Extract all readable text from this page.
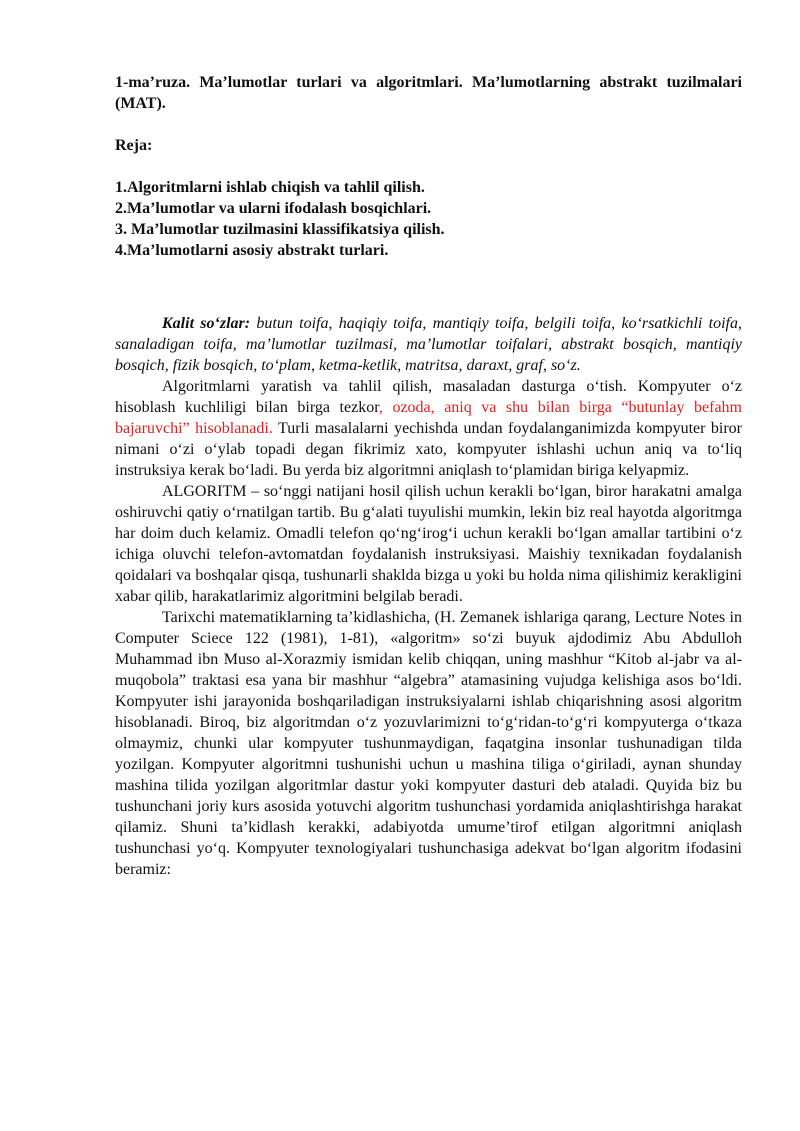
1-ma’ruza. Ma’lumotlar turlari va algoritmlari. Ma’lumotlarning abstrakt tuzilmalari (MAT).

Reja:

1.Algoritmlarni ishlab chiqish va tahlil qilish.
2.Ma’lumotlar va ularni ifodalash bosqichlari.
3. Ma’lumotlar tuzilmasini klassifikatsiya qilish.
4.Ma’lumotlarni asosiy abstrakt turlari.

Kalit so‘zlar: butun toifa, haqiqiy toifa, mantiqiy toifa, belgili toifa, ko‘rsatkichli toifa, sanaladigan toifa, ma’lumotlar tuzilmasi, ma’lumotlar toifalari, abstrakt bosqich, mantiqiy bosqich, fizik bosqich, to‘plam, ketma-ketlik, matritsa, daraxt, graf, so‘z.

Algoritmlarni yaratish va tahlil qilish, masaladan dasturga o‘tish. Kompyuter o‘z hisoblash kuchliligi bilan birga tezkor, ozoda, aniq va shu bilan birga “butunlay befahm bajaruvchi” hisoblanadi. Turli masalalarni yechishda undan foydalanganimizda kompyuter biror nimani o‘zi o‘ylab topadi degan fikrimiz xato, kompyuter ishlashi uchun aniq va to‘liq instruksiya kerak bo‘ladi. Bu yerda biz algoritmni aniqlash to‘plamidan biriga kelyapmiz.

ALGORITM – so‘nggi natijani hosil qilish uchun kerakli bo‘lgan, biror harakatni amalga oshiruvchi qatiy o‘rnatilgan tartib. Bu g‘alati tuyulishi mumkin, lekin biz real hayotda algoritmga har doim duch kelamiz. Omadli telefon qo‘ng‘irog‘i uchun kerakli bo‘lgan amallar tartibini o‘z ichiga oluvchi telefon-avtomatdan foydalanish instruksiyasi. Maishiy texnikadan foydalanish qoidalari va boshqalar qisqa, tushunarli shaklda bizga u yoki bu holda nima qilishimiz kerakligini xabar qilib, harakatlarimiz algoritmini belgilab beradi.

Tarixchi matematiklarning ta’kidlashicha, (H. Zemanek ishlariga qarang, Lecture Notes in Computer Sciece 122 (1981), 1-81), «algoritm» so‘zi buyuk ajdodimiz Abu Abdulloh Muhammad ibn Muso al-Xorazmiy ismidan kelib chiqqan, uning mashhur “Kitob al-jabr va al-muqobola” traktasi esa yana bir mashhur “algebra” atamasining vujudga kelishiga asos bo‘ldi. Kompyuter ishi jarayonida boshqariladigan instruksiyalarni ishlab chiqarishning asosi algoritm hisoblanadi. Biroq, biz algoritmdan o‘z yozuvlarimizni to‘g‘ridan-to‘g‘ri kompyuterga o‘tkaza olmaymiz, chunki ular kompyuter tushunmaydigan, faqatgina insonlar tushunadigan tilda yozilgan. Kompyuter algoritmni tushunishi uchun u mashina tiliga o‘giriladi, aynan shunday mashina tilida yozilgan algoritmlar dastur yoki kompyuter dasturi deb ataladi. Quyida biz bu tushunchani joriy kurs asosida yotuvchi algoritm tushunchasi yordamida aniqlashtirishga harakat qilamiz. Shuni ta’kidlash kerakki, adabiyotda umume’tirof etilgan algoritmni aniqlash tushunchasi yo‘q. Kompyuter texnologiyalari tushunchasiga adekvat bo‘lgan algoritm ifodasini beramiz:
